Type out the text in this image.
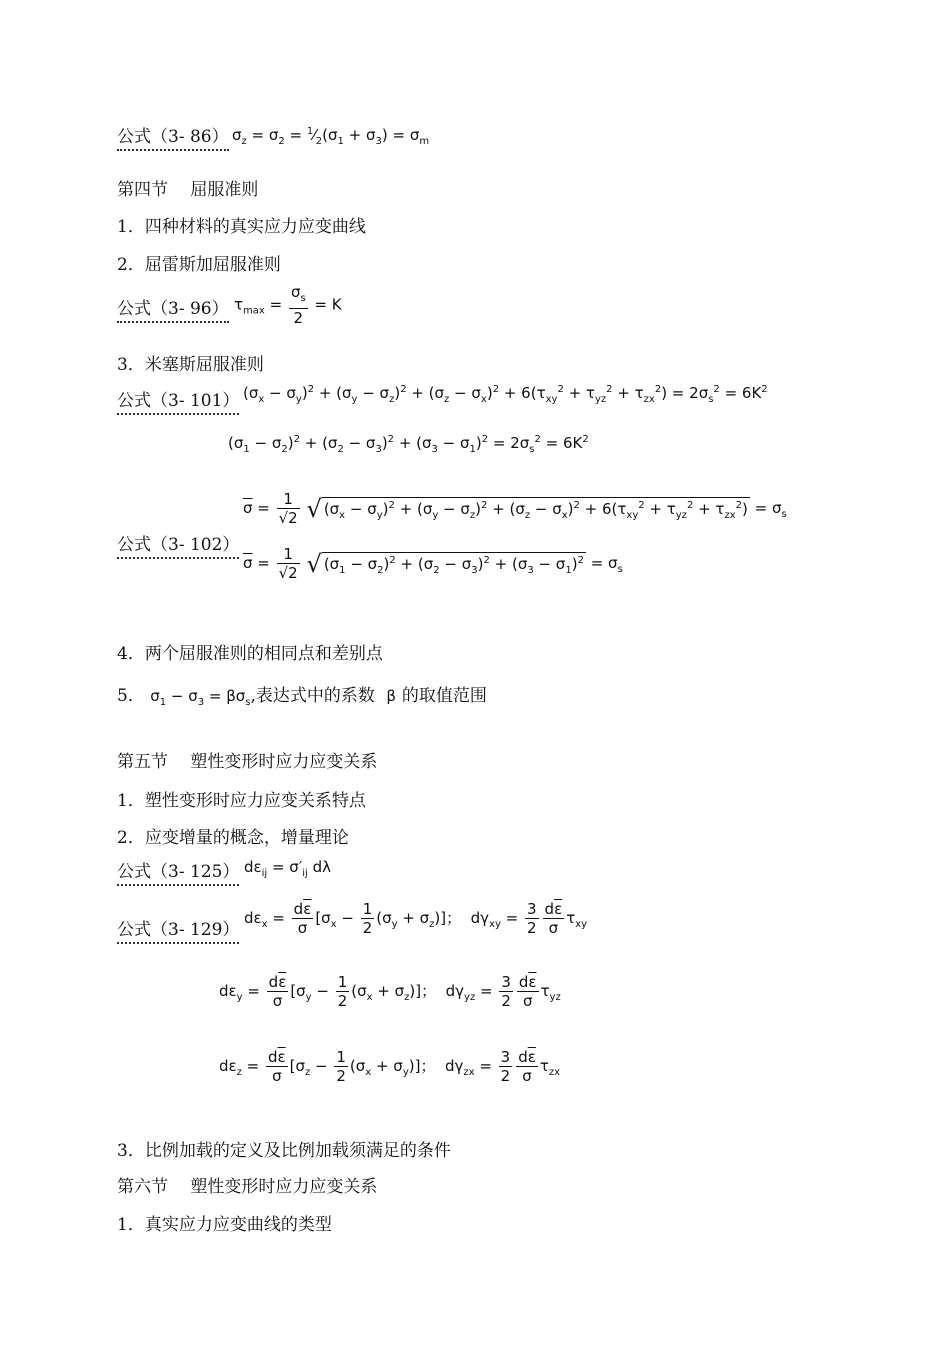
公式（3- 86） $\sigma_z = \sigma_2$ = $^1⁄_2(\sigma_1 + \sigma_3) = \sigma_m$
第四节　 屈服准则
1．四种材料的真实应力应变曲线
2．屈雷斯加屈服准则
公式（3- 96） $\tau_{max} = \frac{\sigma_s}{2} = K$
3．米塞斯屈服准则
公式（3- 101） $(\sigma_x - \sigma_y)^2 + (\sigma_y - \sigma_z)^2 + (\sigma_z - \sigma_x)^2 + 6(\tau_{xy}^2 + \tau_{yz}^2 + \tau_{zx}^2) = 2\sigma_s^2 = 6K^2$
$(\sigma_1 - \sigma_2)^2 + (\sigma_2 - \sigma_3)^2 + (\sigma_3 - \sigma_1)^2 = 2\sigma_s^2 = 6K^2$
公式（3- 102）
$\overline{\sigma} = \frac{1}{√2}$ √ $(\sigma_x - \sigma_y)^2 + (\sigma_y - \sigma_z)^2 + (\sigma_z - \sigma_x)^2 + 6(\tau_{xy}^2 + \tau_{yz}^2 + \tau_{zx}^2) = \sigma_s$
$\overline{\sigma} = \frac{1}{√2}$ √ $(\sigma_1 - \sigma_2)^2 + (\sigma_2 - \sigma_3)^2 + (\sigma_3 - \sigma_1)^2 = \sigma_s$
4．两个屈服准则的相同点和差别点
5． $\sigma_1 - \sigma_3 = \beta\sigma_s$,表达式中的系数 β 的取值范围
第五节　 塑性变形时应力应变关系
1．塑性变形时应力应变关系特点
2．应变增量的概念，增量理论
公式（3- 125） $d\varepsilon_{ij} = \sigma'_{ij}$ dλ
公式（3- 129）
$d\varepsilon_x = \frac{d\overline{\varepsilon}}{\sigma} [\sigma_x - \frac{1}{2} (\sigma_y + \sigma_z)]$；  $d\gamma_{xy} = \frac{3}{2} \frac{d\overline{\varepsilon}}{\sigma} \tau_{xy}$
$d\varepsilon_y = \frac{d\overline{\varepsilon}}{\sigma} [\sigma_y - \frac{1}{2} (\sigma_x + \sigma_z)]$；  $d\gamma_{yz} = \frac{3}{2} \frac{d\overline{\varepsilon}}{\sigma} \tau_{yz}$
$d\varepsilon_z = \frac{d\overline{\varepsilon}}{\sigma} [\sigma_z - \frac{1}{2} (\sigma_x + \sigma_y)]$；  $d\gamma_{zx} = \frac{3}{2} \frac{d\overline{\varepsilon}}{\sigma} \tau_{zx}$
3．比例加载的定义及比例加载须满足的条件
第六节　 塑性变形时应力应变关系
1．真实应力应变曲线的类型
